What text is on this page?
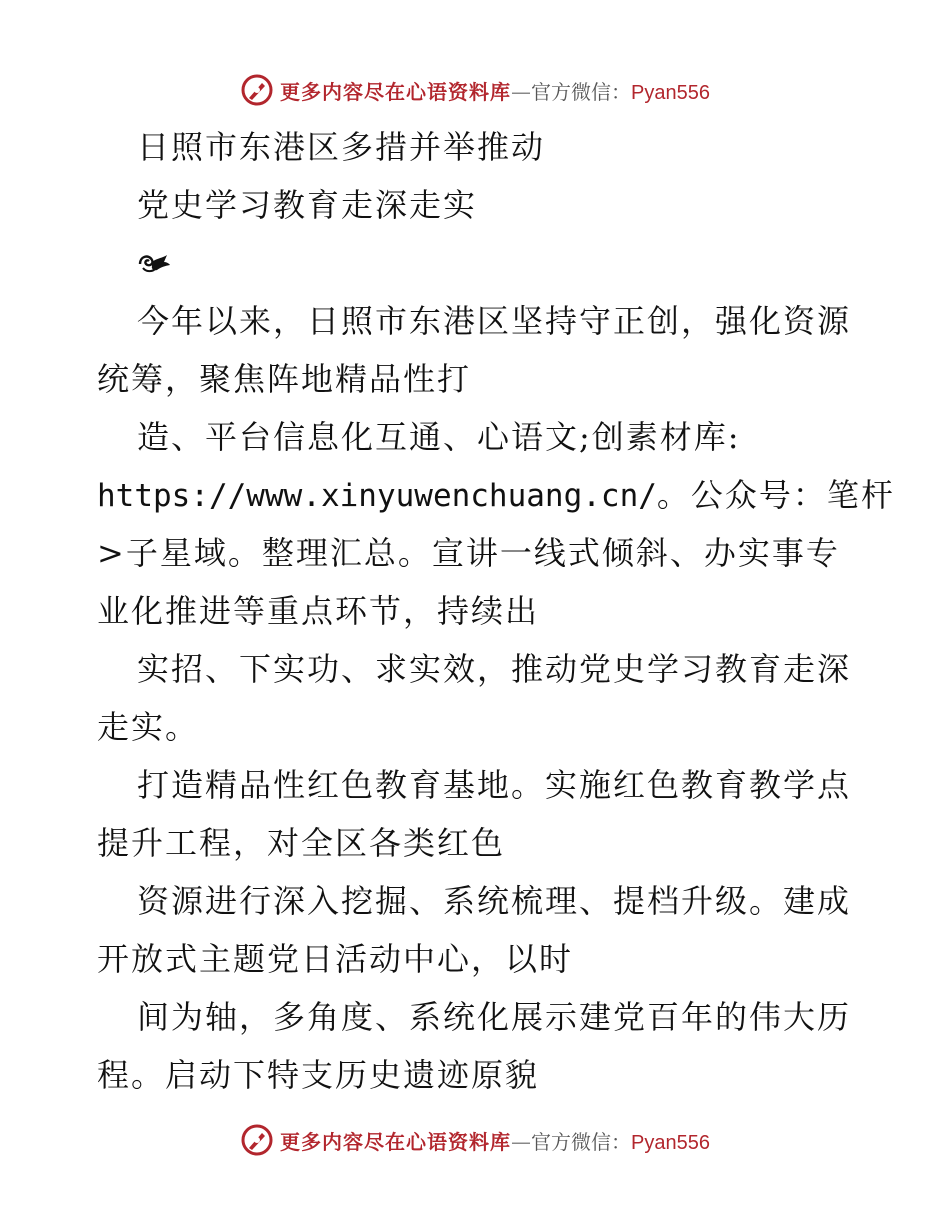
更多内容尽在心语资料库—官方微信：Pyan556
日照市东港区多措并举推动
党史学习教育走深走实
今年以来，日照市东港区坚持守正创，强化资源
统筹，聚焦阵地精品性打
造、平台信息化互通、心语文;创素材库:
https://www.xinyuwenchuang.cn/。公众号：笔杆
>子星域。整理汇总。宣讲一线式倾斜、办实事专
业化推进等重点环节，持续出
实招、下实功、求实效，推动党史学习教育走深
走实。
打造精品性红色教育基地。实施红色教育教学点
提升工程，对全区各类红色
资源进行深入挖掘、系统梳理、提档升级。建成
开放式主题党日活动中心，以时
间为轴，多角度、系统化展示建党百年的伟大历
程。启动下特支历史遗迹原貌
更多内容尽在心语资料库—官方微信：Pyan556
